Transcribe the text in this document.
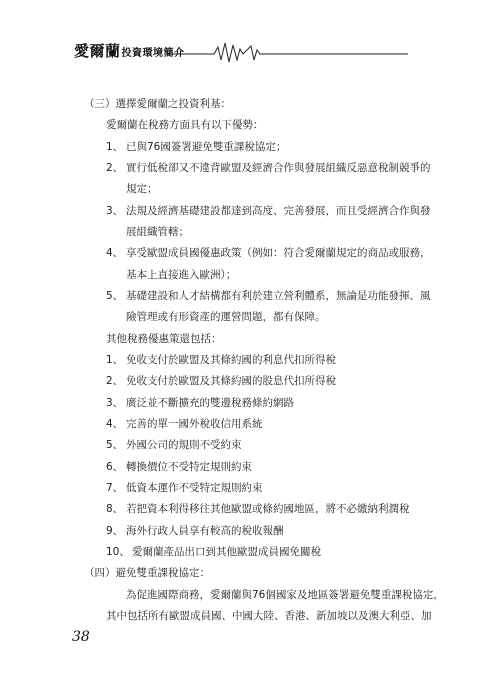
愛爾蘭投資環境簡介
（三）選擇愛爾蘭之投資利基：
愛爾蘭在稅務方面具有以下優勢：
1、 已與76國簽署避免雙重課稅協定；
2、 實行低稅卻又不違背歐盟及經濟合作與發展組織反惡意稅制競爭的
規定；
3、 法規及經濟基礎建設都達到高度、完善發展，而且受經濟合作與發
展組織管轄；
4、 享受歐盟成員國優惠政策（例如：符合愛爾蘭規定的商品或服務，
基本上直接進入歐洲）；
5、 基礎建設和人才結構都有利於建立營利體系，無論是功能發揮、風
險管理或有形資產的運營問題，都有保障。
其他稅務優惠策還包括：
1、 免收支付於歐盟及其條約國的利息代扣所得稅
2、 免收支付於歐盟及其條約國的股息代扣所得稅
3、 廣泛並不斷擴充的雙邊稅務條約網路
4、 完善的單一國外稅收信用系統
5、 外國公司的規則不受約束
6、 轉換價位不受特定規則約束
7、 低資本運作不受特定規則約束
8、 若把資本利得移往其他歐盟或條約國地區，將不必繳納利潤稅
9、 海外行政人員享有較高的稅收報酬
10、 愛爾蘭產品出口到其他歐盟成員國免關稅
（四）避免雙重課稅協定：
為促進國際商務，愛爾蘭與76個國家及地區簽署避免雙重課稅協定，
其中包括所有歐盟成員國、中國大陸、香港、新加坡以及澳大利亞、加
38
